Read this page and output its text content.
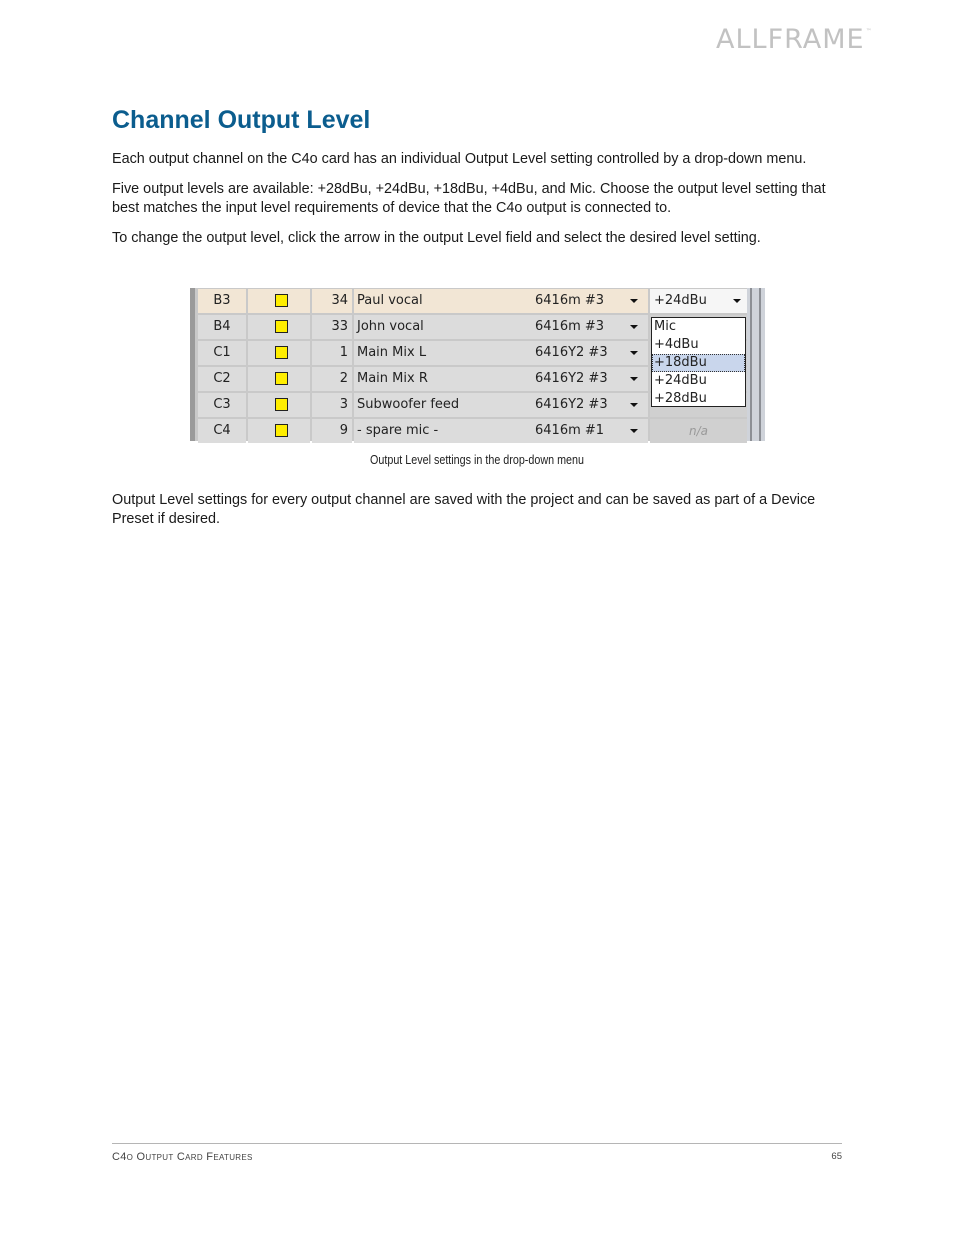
ALLFRAME™
Channel Output Level

Each output channel on the C4o card has an individual Output Level setting controlled by a drop-down menu.

Five output levels are available: +28dBu, +24dBu, +18dBu, +4dBu, and Mic. Choose the output level setting that best matches the input level requirements of device that the C4o output is connected to.

To change the output level, click the arrow in the output Level field and select the desired level setting.

B3	34 Paul vocal	6416m #3	+24dBu
B4	33 John vocal	6416m #3
C1	1 Main Mix L	6416Y2 #3
C2	2 Main Mix R	6416Y2 #3
C3	3 Subwoofer feed	6416Y2 #3
C4	9 - spare mic -	6416m #1	n/a
Mic
+4dBu
+18dBu
+24dBu
+28dBu
Output Level settings in the drop-down menu

Output Level settings for every output channel are saved with the project and can be saved as part of a Device Preset if desired.

C4o Output Card Features	65
